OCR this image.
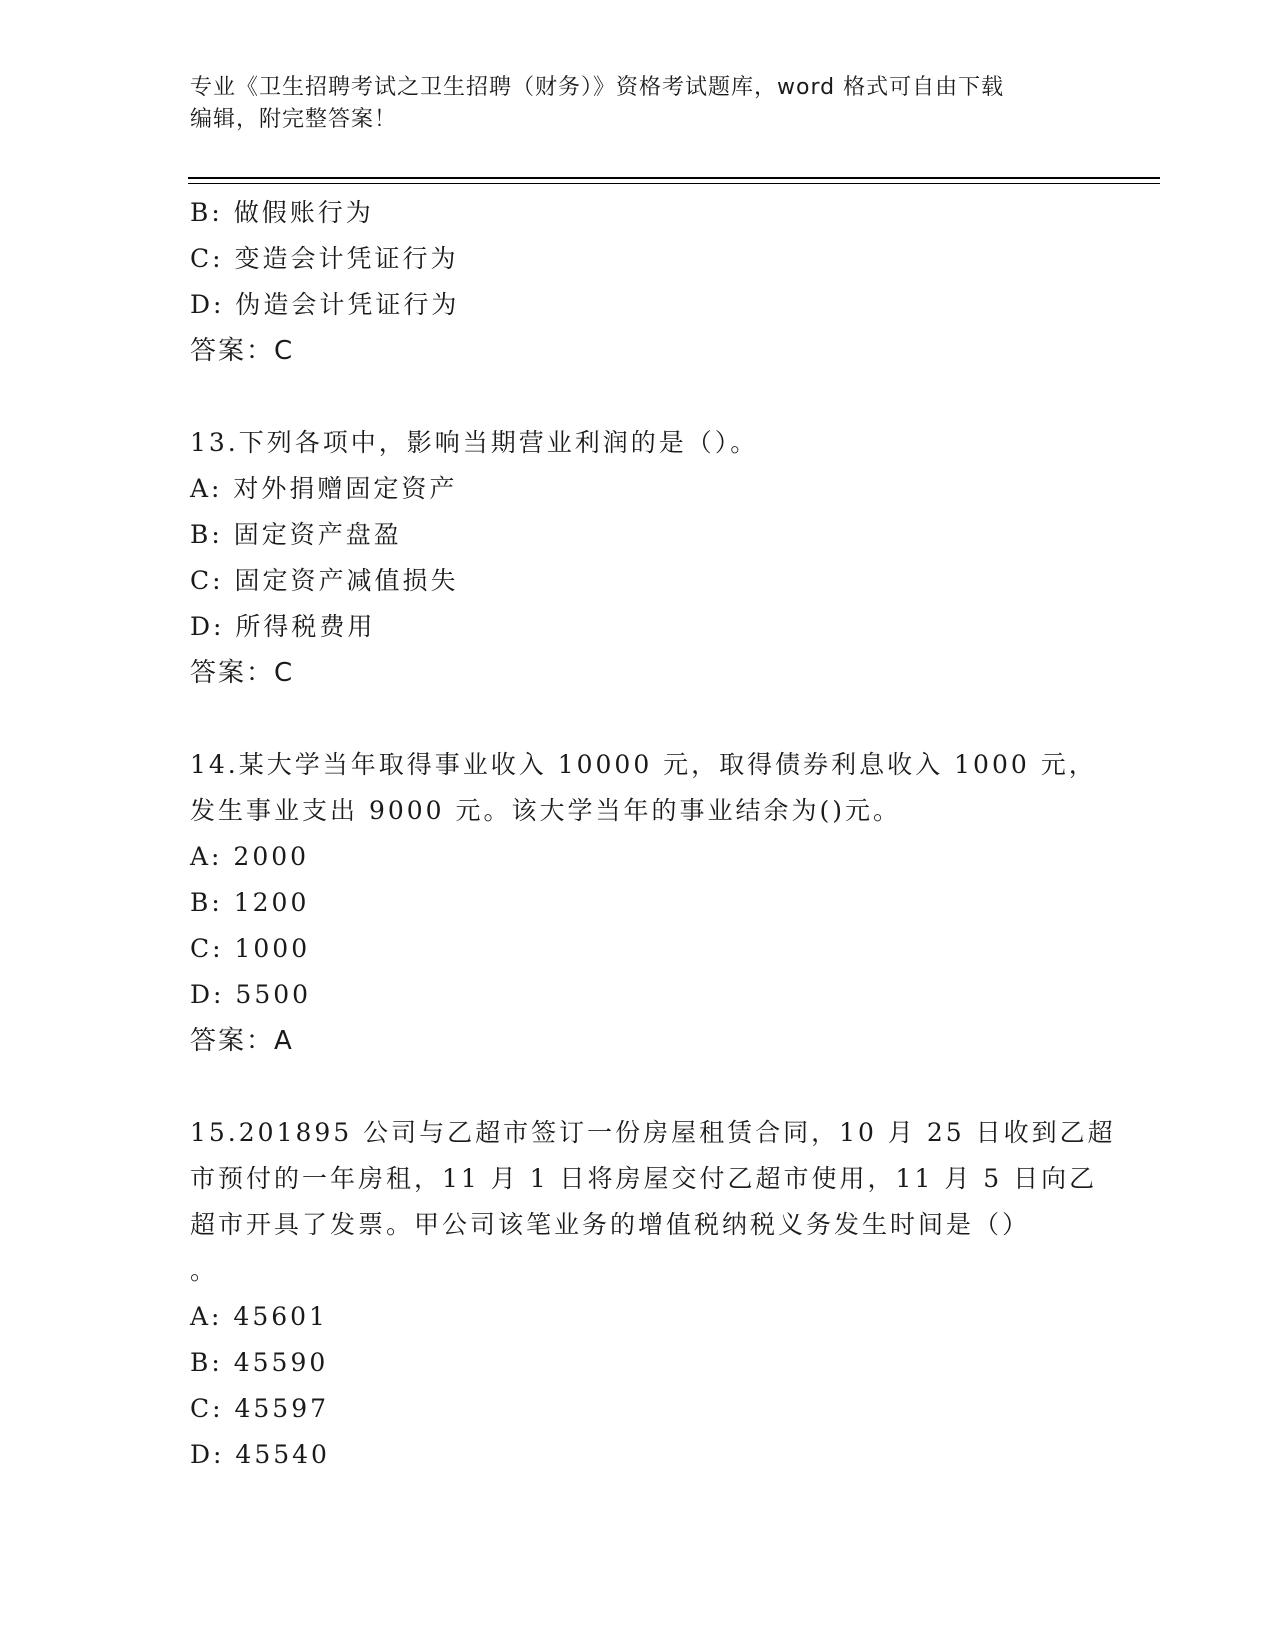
专业《卫生招聘考试之卫生招聘（财务）》资格考试题库，word 格式可自由下载
编辑，附完整答案！
B: 做假账行为
C: 变造会计凭证行为
D: 伪造会计凭证行为
答案：C
13.下列各项中，影响当期营业利润的是（）。
A: 对外捐赠固定资产
B: 固定资产盘盈
C: 固定资产减值损失
D: 所得税费用
答案：C
14.某大学当年取得事业收入 10000 元，取得债券利息收入 1000 元，
发生事业支出 9000 元。该大学当年的事业结余为()元。
A: 2000
B: 1200
C: 1000
D: 5500
答案：A
15.201895 公司与乙超市签订一份房屋租赁合同，10 月 25 日收到乙超
市预付的一年房租，11 月 1 日将房屋交付乙超市使用，11 月 5 日向乙
超市开具了发票。甲公司该笔业务的增值税纳税义务发生时间是（）
。
A: 45601
B: 45590
C: 45597
D: 45540
